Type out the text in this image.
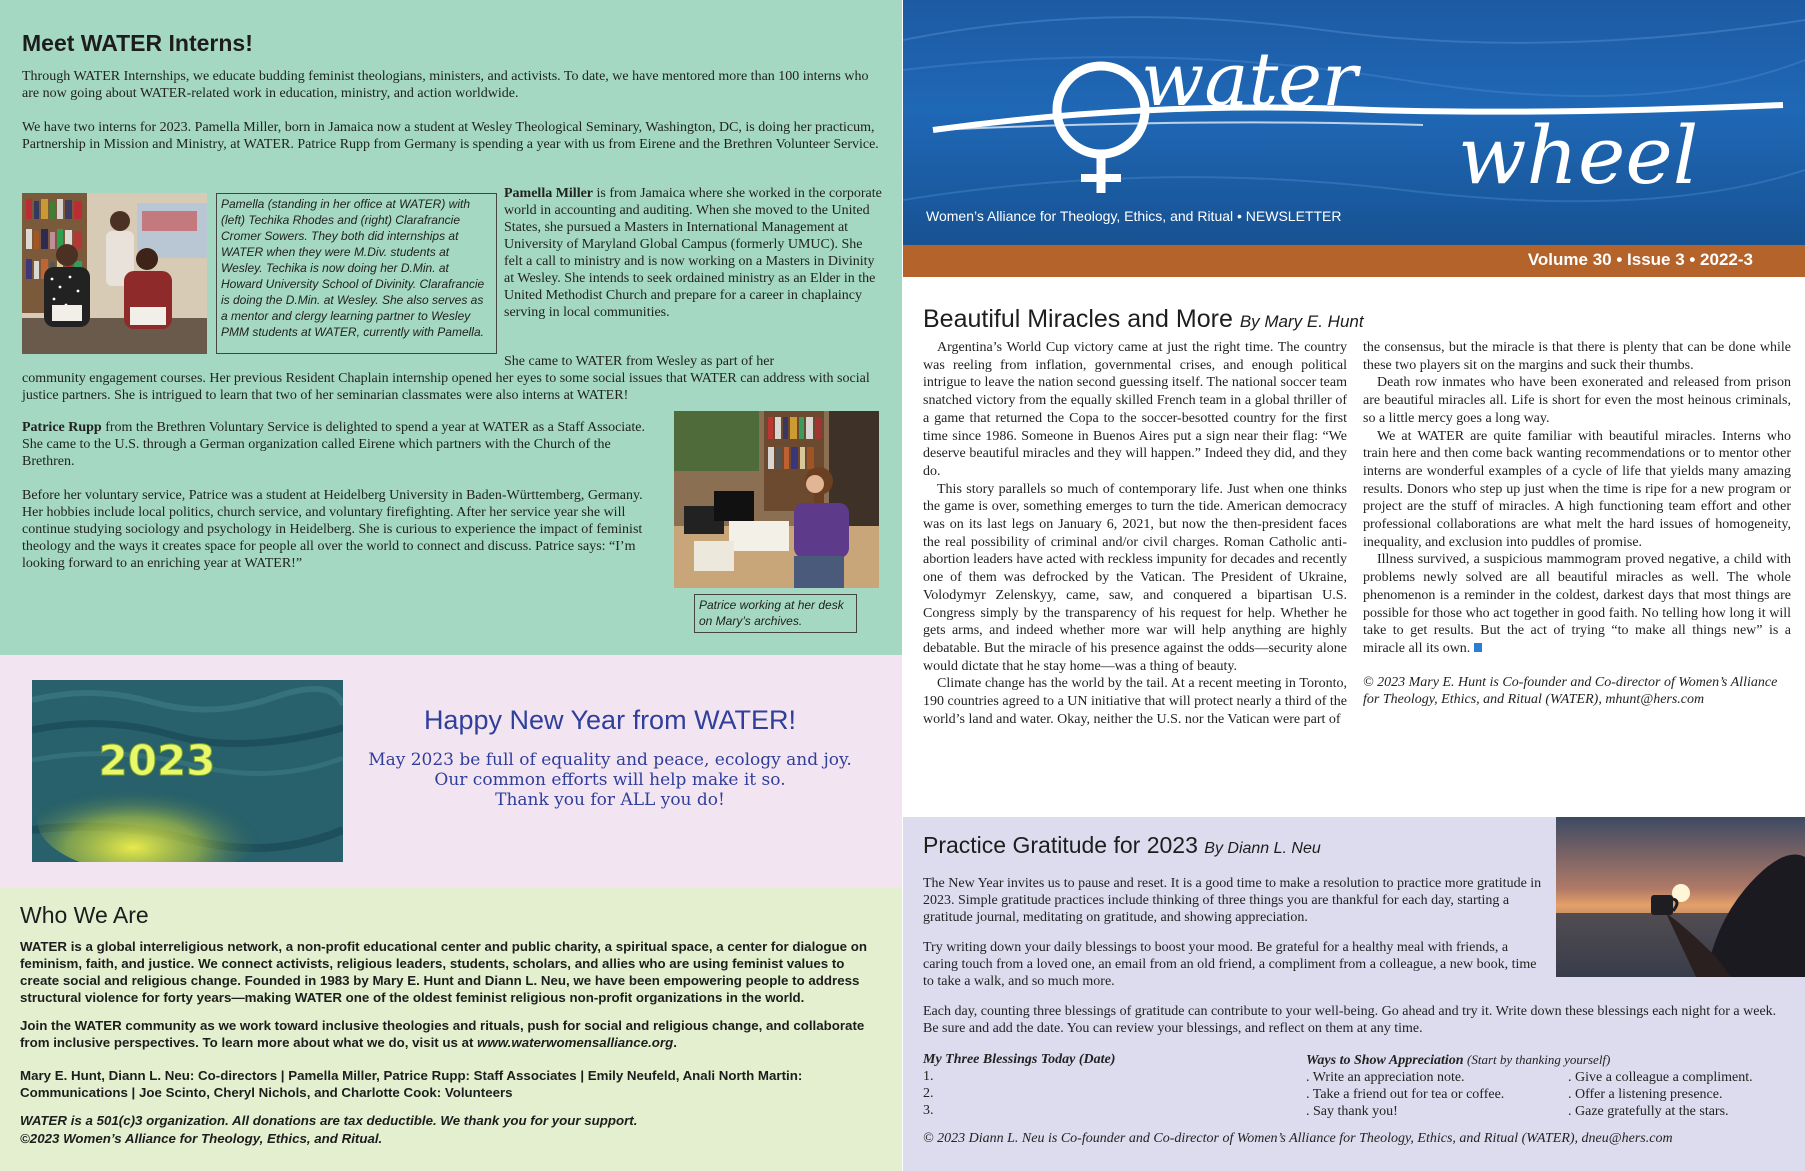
Meet WATER Interns!

Through WATER Internships, we educate budding feminist theologians, ministers, and activists. To date, we have mentored more than 100 interns who are now going about WATER-related work in education, ministry, and action worldwide.

We have two interns for 2023. Pamella Miller, born in Jamaica now a student at Wesley Theological Seminary, Washington, DC, is doing her practicum, Partnership in Mission and Ministry, at WATER. Patrice Rupp from Germany is spending a year with us from Eirene and the Brethren Volunteer Service.

Pamella (standing in her office at WATER) with (left) Techika Rhodes and (right) Clarafrancie Cromer Sowers. They both did internships at WATER when they were M.Div. students at Wesley. Techika is now doing her D.Min. at Howard University School of Divinity. Clarafrancie is doing the D.Min. at Wesley. She also serves as a mentor and clergy learning partner to Wesley PMM students at WATER, currently with Pamella.

Pamella Miller is from Jamaica where she worked in the corporate world in accounting and auditing. When she moved to the United States, she pursued a Masters in International Management at University of Maryland Global Campus (formerly UMUC). She felt a call to ministry and is now working on a Masters in Divinity at Wesley. She intends to seek ordained ministry as an Elder in the United Methodist Church and prepare for a career in chaplaincy serving in local communities.

She came to WATER from Wesley as part of her

community engagement courses. Her previous Resident Chaplain internship opened her eyes to some social issues that WATER can address with social justice partners. She is intrigued to learn that two of her seminarian classmates were also interns at WATER!

Patrice Rupp from the Brethren Voluntary Service is delighted to spend a year at WATER as a Staff Associate. She came to the U.S. through a German organization called Eirene which partners with the Church of the Brethren.

Before her voluntary service, Patrice was a student at Heidelberg University in Baden-Württemberg, Germany. Her hobbies include local politics, church service, and voluntary firefighting. After her service year she will continue studying sociology and psychology in Heidelberg. She is curious to experience the impact of feminist theology and the ways it creates space for people all over the world to connect and discuss. Patrice says: “I’m looking forward to an enriching year at WATER!”

Patrice working at her desk on Mary’s archives.
2023
Happy New Year from WATER!
May 2023 be full of equality and peace, ecology and joy.
Our common efforts will help make it so.
Thank you for ALL you do!
Who We Are

WATER is a global interreligious network, a non-profit educational center and public charity, a spiritual space, a center for dialogue on feminism, faith, and justice. We connect activists, religious leaders, students, scholars, and allies who are using feminist values to create social and religious change. Founded in 1983 by Mary E. Hunt and Diann L. Neu, we have been empowering people to address structural violence for forty years—making WATER one of the oldest feminist religious non-profit organizations in the world.

Join the WATER community as we work toward inclusive theologies and rituals, push for social and religious change, and collaborate from inclusive perspectives. To learn more about what we do, visit us at www.waterwomensalliance.org.

Mary E. Hunt, Diann L. Neu: Co-directors | Pamella Miller, Patrice Rupp: Staff Associates | Emily Neufeld, Anali North Martin: Communications | Joe Scinto, Cheryl Nichols, and Charlotte Cook: Volunteers

WATER is a 501(c)3 organization. All donations are tax deductible. We thank you for your support.

©2023 Women’s Alliance for Theology, Ethics, and Ritual.

water
wheel
Women’s Alliance for Theology, Ethics, and Ritual • NEWSLETTER
Volume 30 • Issue 3 • 2022-3
Beautiful Miracles and More By Mary E. Hunt

Argentina’s World Cup victory came at just the right time. The country was reeling from inflation, governmental crises, and enough political intrigue to leave the nation second guessing itself. The national soccer team snatched victory from the equally skilled French team in a global thriller of a game that returned the Copa to the soccer-besotted country for the first time since 1986. Someone in Buenos Aires put a sign near their flag: “We deserve beautiful miracles and they will happen.” Indeed they did, and they do.

This story parallels so much of contemporary life. Just when one thinks the game is over, something emerges to turn the tide. American democracy was on its last legs on January 6, 2021, but now the then-president faces the real possibility of criminal and/or civil charges. Roman Catholic anti-abortion leaders have acted with reckless impunity for decades and recently one of them was defrocked by the Vatican. The President of Ukraine, Volodymyr Zelenskyy, came, saw, and conquered a bipartisan U.S. Congress simply by the transparency of his request for help. Whether he gets arms, and indeed whether more war will help anything are highly debatable. But the miracle of his presence against the odds—security alone would dictate that he stay home—was a thing of beauty.

Climate change has the world by the tail. At a recent meeting in Toronto, 190 countries agreed to a UN initiative that will protect nearly a third of the world’s land and water. Okay, neither the U.S. nor the Vatican were part of

the consensus, but the miracle is that there is plenty that can be done while these two players sit on the margins and suck their thumbs.

Death row inmates who have been exonerated and released from prison are beautiful miracles all. Life is short for even the most heinous criminals, so a little mercy goes a long way.

We at WATER are quite familiar with beautiful miracles. Interns who train here and then come back wanting recommendations or to mentor other interns are wonderful examples of a cycle of life that yields many amazing results. Donors who step up just when the time is ripe for a new program or project are the stuff of miracles. A high functioning team effort and other professional collaborations are what melt the hard issues of homogeneity, inequality, and exclusion into puddles of promise.

Illness survived, a suspicious mammogram proved negative, a child with problems newly solved are all beautiful miracles as well. The whole phenomenon is a reminder in the coldest, darkest days that most things are possible for those who act together in good faith. No telling how long it will take to get results. But the act of trying “to make all things new” is a miracle all its own.

© 2023 Mary E. Hunt is Co-founder and Co-director of Women’s Alliance for Theology, Ethics, and Ritual (WATER), mhunt@hers.com

Practice Gratitude for 2023 By Diann L. Neu

The New Year invites us to pause and reset. It is a good time to make a resolution to practice more gratitude in 2023. Simple gratitude practices include thinking of three things you are thankful for each day, starting a gratitude journal, meditating on gratitude, and showing appreciation.

Try writing down your daily blessings to boost your mood. Be grateful for a healthy meal with friends, a caring touch from a loved one, an email from an old friend, a compliment from a colleague, a new book, time to take a walk, and so much more.

Each day, counting three blessings of gratitude can contribute to your well-being. Go ahead and try it. Write down these blessings each night for a week. Be sure and add the date. You can review your blessings, and reflect on them at any time.

My Three Blessings Today (Date)
1.
2.
3.
Ways to Show Appreciation (Start by thanking yourself)
. Write an appreciation note.
. Take a friend out for tea or coffee.
. Say thank you!
. Give a colleague a compliment.
. Offer a listening presence.
. Gaze gratefully at the stars.

© 2023 Diann L. Neu is Co-founder and Co-director of Women’s Alliance for Theology, Ethics, and Ritual (WATER), dneu@hers.com
